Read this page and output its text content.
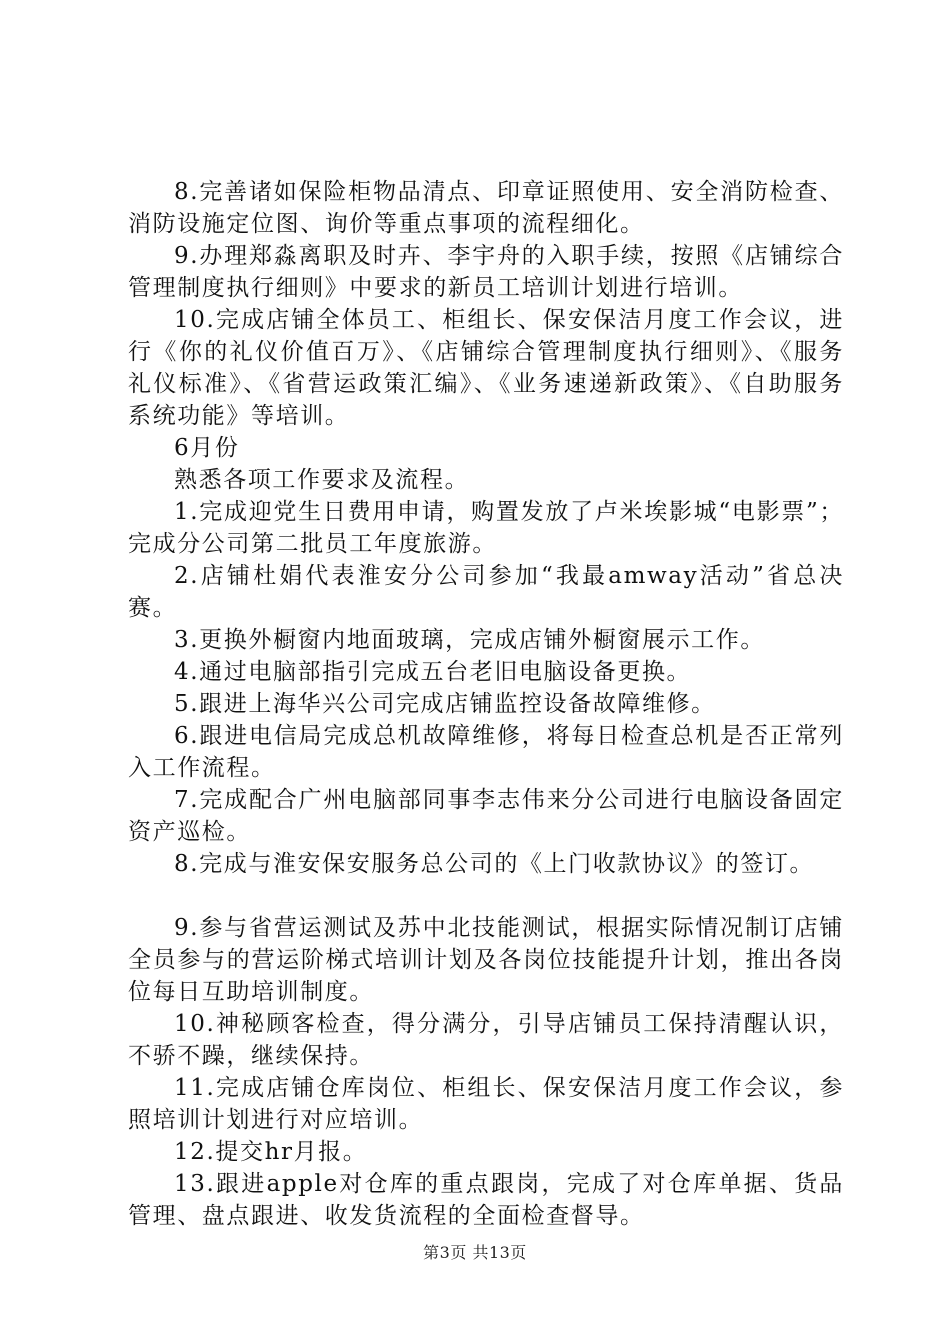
8.完善诸如保险柜物品清点、印章证照使用、安全消防检查、消防设施定位图、询价等重点事项的流程细化。

9.办理郑淼离职及时卉、李宇舟的入职手续，按照《店铺综合管理制度执行细则》中要求的新员工培训计划进行培训。

10.完成店铺全体员工、柜组长、保安保洁月度工作会议，进行《你的礼仪价值百万》、《店铺综合管理制度执行细则》、《服务礼仪标准》、《省营运政策汇编》、《业务速递新政策》、《自助服务系统功能》等培训。

6月份

熟悉各项工作要求及流程。

1.完成迎党生日费用申请，购置发放了卢米埃影城“电影票”；完成分公司第二批员工年度旅游。

2.店铺杜娟代表淮安分公司参加“我最amway活动”省总决赛。

3.更换外橱窗内地面玻璃，完成店铺外橱窗展示工作。

4.通过电脑部指引完成五台老旧电脑设备更换。

5.跟进上海华兴公司完成店铺监控设备故障维修。

6.跟进电信局完成总机故障维修，将每日检查总机是否正常列入工作流程。

7.完成配合广州电脑部同事李志伟来分公司进行电脑设备固定资产巡检。

8.完成与淮安保安服务总公司的《上门收款协议》的签订。

9.参与省营运测试及苏中北技能测试，根据实际情况制订店铺全员参与的营运阶梯式培训计划及各岗位技能提升计划，推出各岗位每日互助培训制度。

10.神秘顾客检查，得分满分，引导店铺员工保持清醒认识，不骄不躁，继续保持。

11.完成店铺仓库岗位、柜组长、保安保洁月度工作会议，参照培训计划进行对应培训。

12.提交hr月报。

13.跟进apple对仓库的重点跟岗，完成了对仓库单据、货品管理、盘点跟进、收发货流程的全面检查督导。

第3页 共13页
